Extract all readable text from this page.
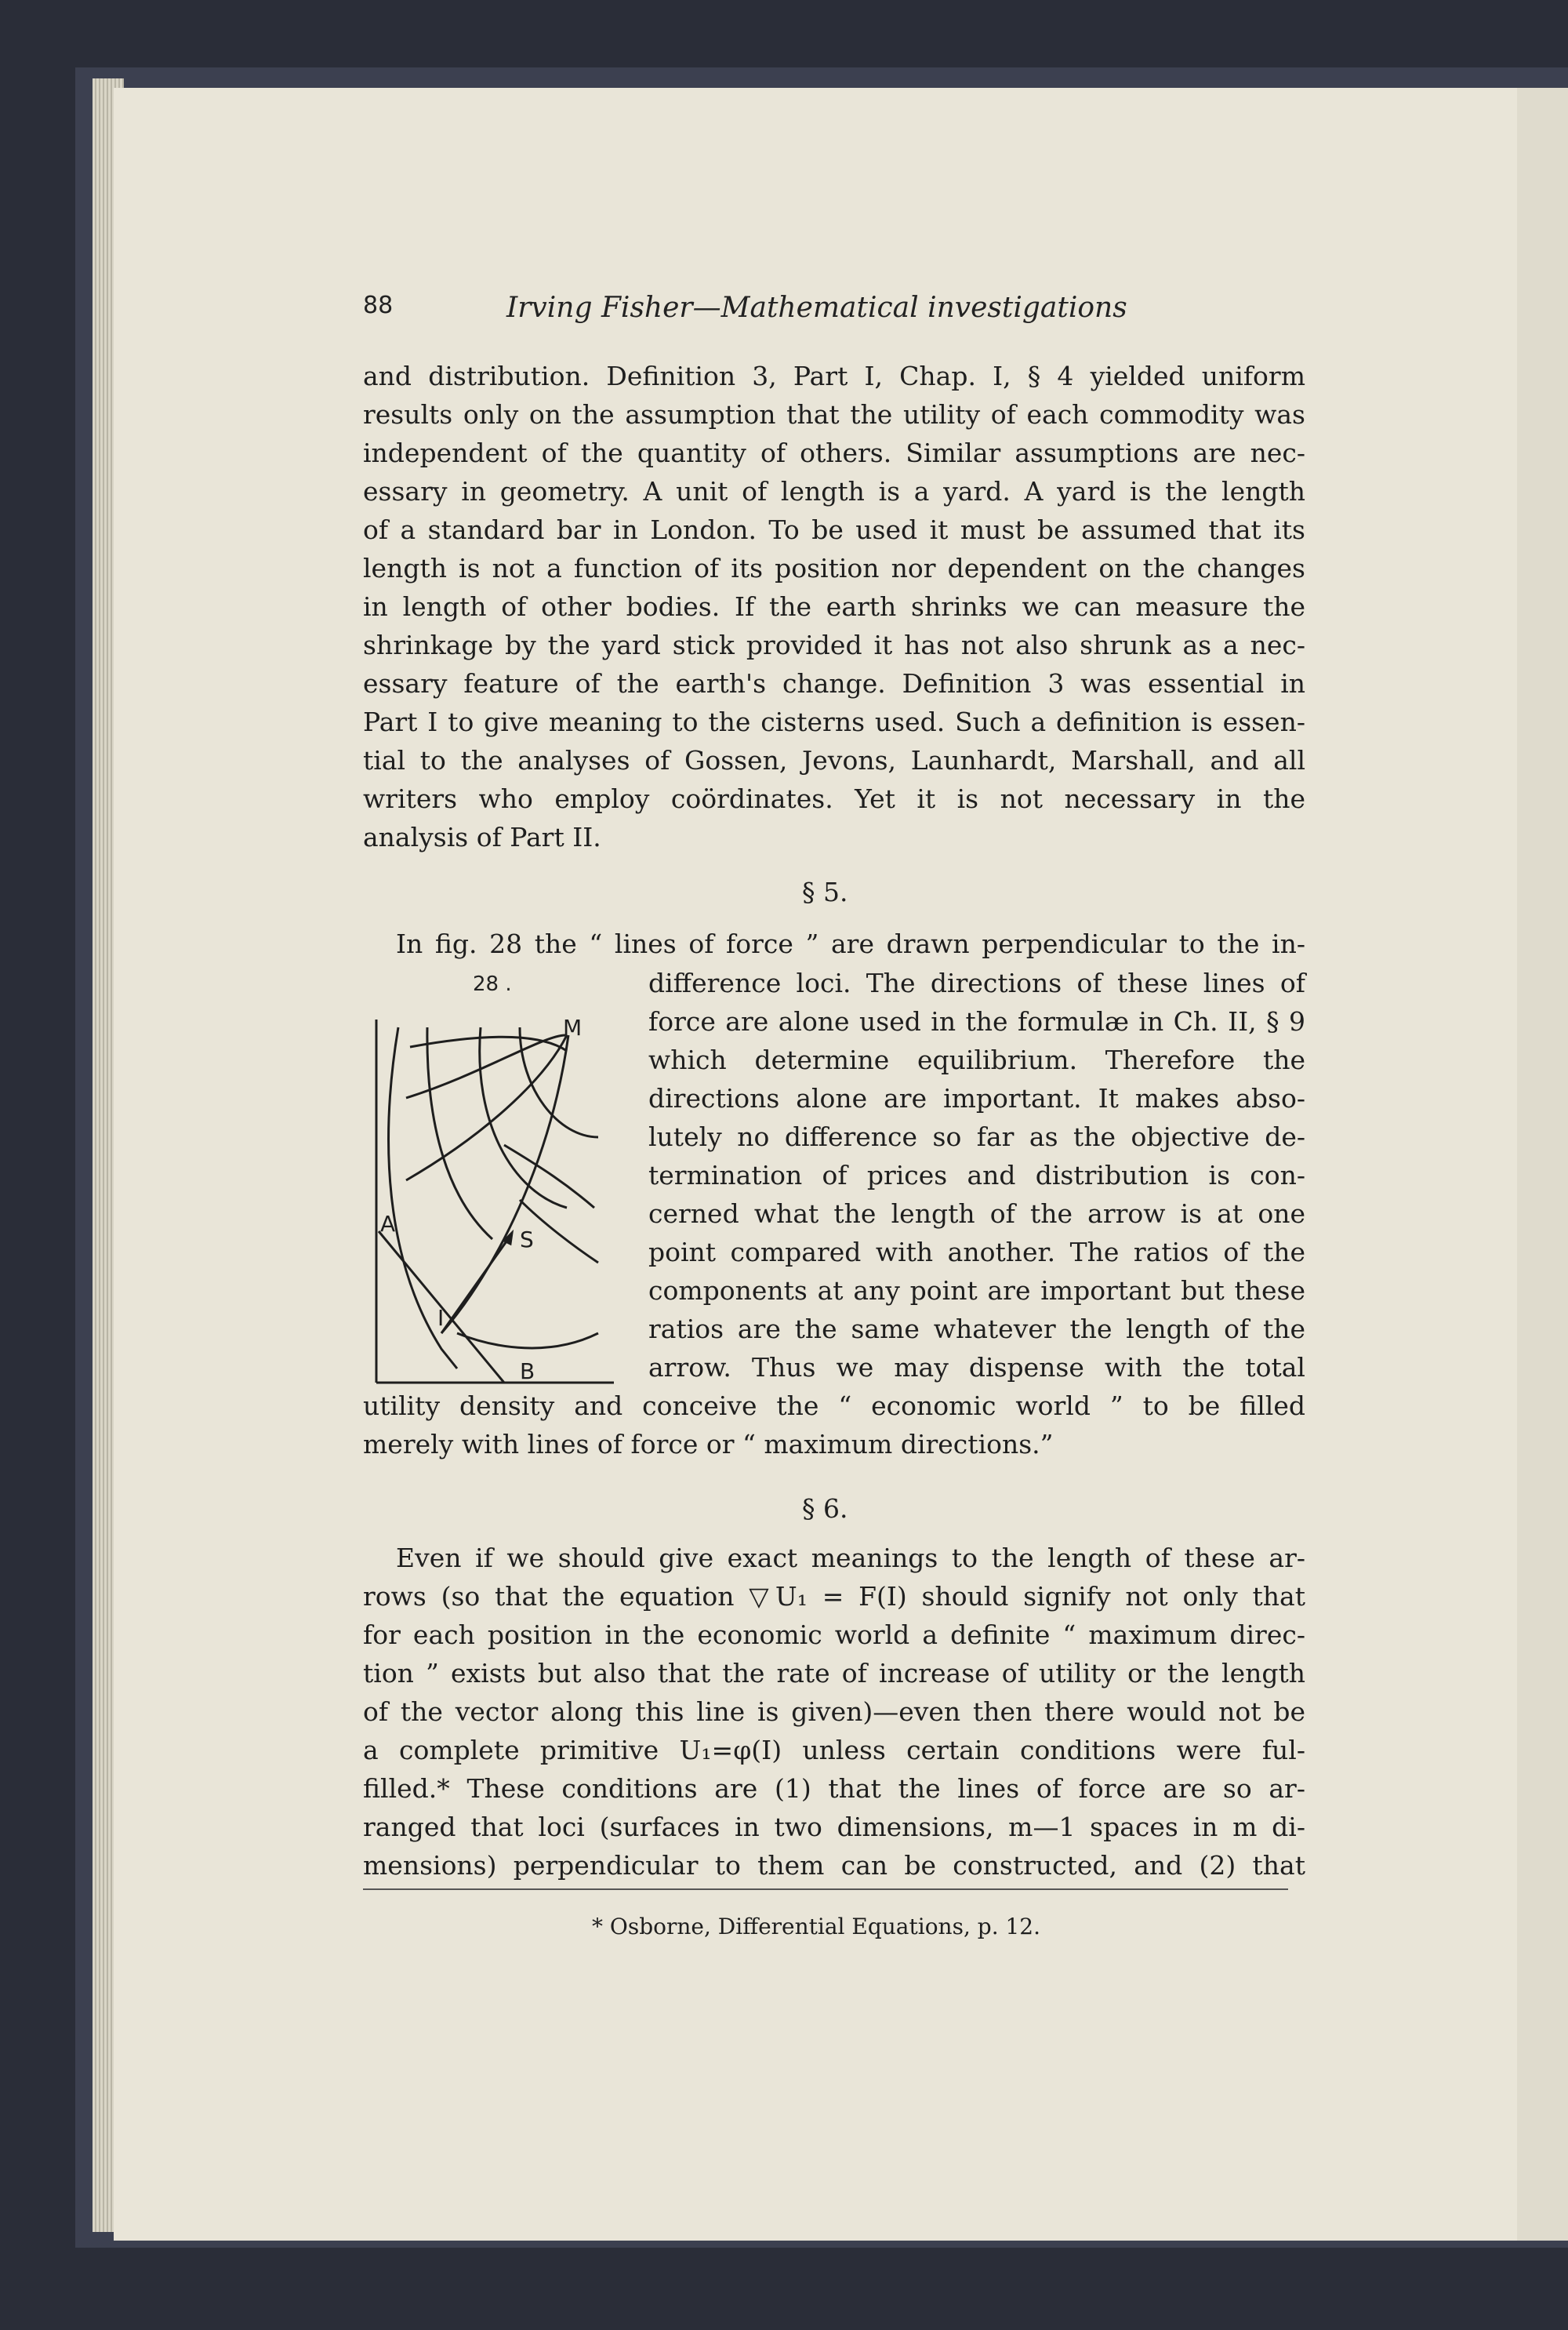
88	Irving Fisher—Mathematical investigations
and distribution. Definition 3, Part I, Chap. I, § 4 yielded uniform
results only on the assumption that the utility of each commodity was
independent of the quantity of others. Similar assumptions are nec-
essary in geometry. A unit of length is a yard. A yard is the length
of a standard bar in London. To be used it must be assumed that its
length is not a function of its position nor dependent on the changes
in length of other bodies. If the earth shrinks we can measure the
shrinkage by the yard stick provided it has not also shrunk as a nec-
essary feature of the earth's change. Definition 3 was essential in
Part I to give meaning to the cisterns used. Such a definition is essen-
tial to the analyses of Gossen, Jevons, Launhardt, Marshall, and all
writers who employ coördinates. Yet it is not necessary in the
analysis of Part II.
§ 5.
In fig. 28 the “ lines of force ” are drawn perpendicular to the in-
difference loci. The directions of these lines of
force are alone used in the formulæ in Ch. II, § 9
which determine equilibrium. Therefore the
directions alone are important. It makes abso-
lutely no difference so far as the objective de-
termination of prices and distribution is con-
cerned what the length of the arrow is at one
point compared with another. The ratios of the
components at any point are important but these
ratios are the same whatever the length of the
arrow. Thus we may dispense with the total
utility density and conceive the “ economic world ” to be filled
merely with lines of force or “ maximum directions.”
28 .
M
A
S
I
B
§ 6.
Even if we should give exact meanings to the length of these ar-
rows (so that the equation ▽U₁ = F(I) should signify not only that
for each position in the economic world a definite “ maximum direc-
tion ” exists but also that the rate of increase of utility or the length
of the vector along this line is given)—even then there would not be
a complete primitive U₁=φ(I) unless certain conditions were ful-
filled.* These conditions are (1) that the lines of force are so ar-
ranged that loci (surfaces in two dimensions, m—1 spaces in m di-
mensions) perpendicular to them can be constructed, and (2) that
* Osborne, Differential Equations, p. 12.
